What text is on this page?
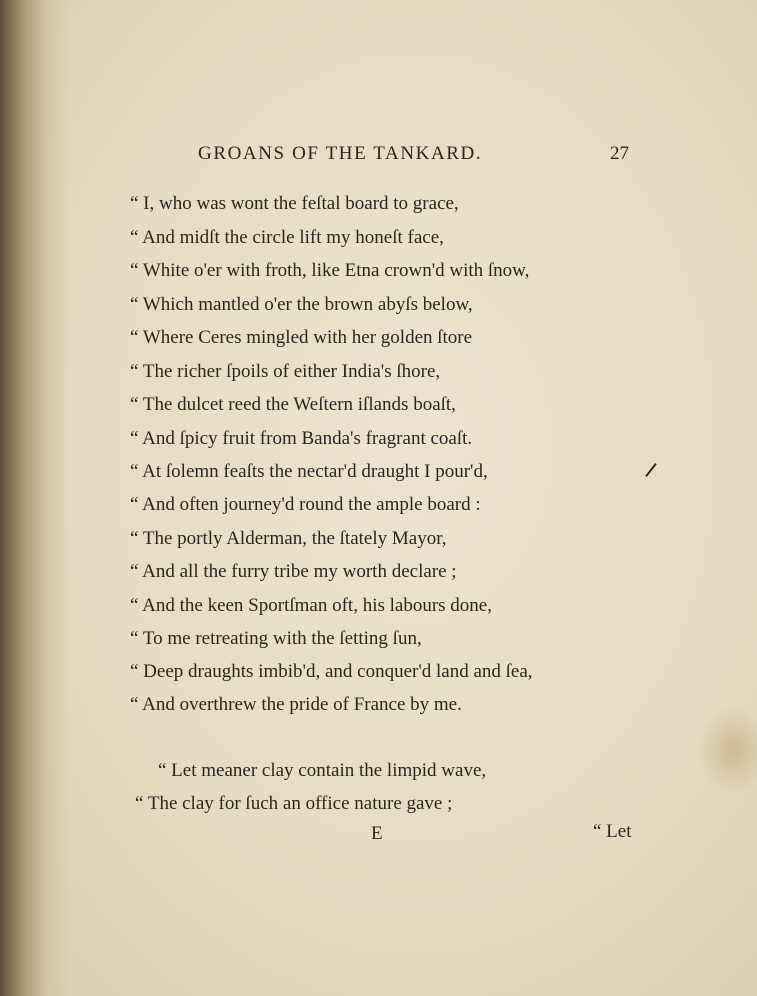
GROANS OF THE TANKARD.	27
“ I, who was wont the feſtal board to grace,
“ And midſt the circle lift my honeſt face,
“ White o'er with froth, like Etna crown'd with ſnow,
“ Which mantled o'er the brown abyſs below,
“ Where Ceres mingled with her golden ſtore
“ The richer ſpoils of either India's ſhore,
“ The dulcet reed the Weſtern iſlands boaſt,
“ And ſpicy fruit from Banda's fragrant coaſt.
“ At ſolemn feaſts the nectar'd draught I pour'd,
“ And often journey'd round the ample board :
“ The portly Alderman, the ſtately Mayor,
“ And all the furry tribe my worth declare ;
“ And the keen Sportſman oft, his labours done,
“ To me retreating with the ſetting ſun,
“ Deep draughts imbib'd, and conquer'd land and ſea,
“ And overthrew the pride of France by me.
“ Let meaner clay contain the limpid wave,
“ The clay for ſuch an office nature gave ;
E	“ Let
